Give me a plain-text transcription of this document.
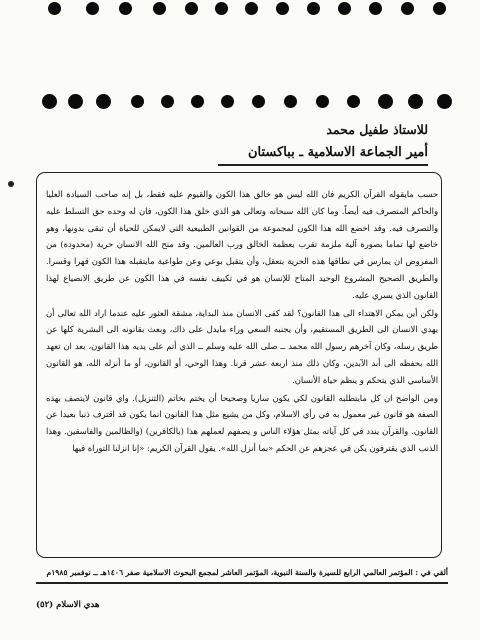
للاستاذ طفيل محمد
أمير الجماعة الاسلامية ـ بباكستان

حسب مايقوله القرآن الكريم فان الله ليس هو خالق هذا الكون والقيوم عليه فقط، بل إنه صاحب السيادة العليا والحاكم المتصرف فيه أيضاً. وما كان الله سبحانه وتعالى هو الذي خلق هذا الكون، فان له وحده حق التسلط عليه والتصرف فيه. وقد اخضع الله هذا الكون لمجموعة من القوانين الطبيعية التي لايمكن للحياة أن تبقى بدونها، وهو خاضع لها تماما بصورة آلية ملزمة تقرب بعظمة الخالق ورب العالمين. وقد منح الله الانسان حرية (محدودة) من المفروض ان يمارس في نطاقها هذه الحرية بتعقل، وأن يتقبل بوعي وعن طواعية مايتقبله هذا الكون قهرا وقسرا. والطريق الصحيح المشروع الوحيد المتاح للإنسان هو في تكييف نفسه في هذا الكون عن طريق الانصياع لهذا القانون الذي يسري عليه.

ولكن أين يمكن الاهتداء الى هذا القانون؟ لقد كفى الانسان منذ البداية، مشقة العثور عليه عندما اراد الله تعالى أن يهدي الانسان الى الطريق المستقيم، وأن يجنبه السعي وراء مايدل على ذاك، وبعث بقانونه الى البشرية كلها عن طريق رسله، وكان آخرهم رسول الله محمد ــ صلى الله عليه وسلم ــ الذي أتم على يديه هذا القانون، بعد ان تعهد الله بحفظه الى أبد الآبدين، وكان ذلك منذ اربعة عشر قرنا. وهذا الوحي، أو القانون، أو ما أنزله الله، هو القانون الأساسي الذي يتحكم و ينظم حياة الأنسان.

ومن الواضح ان كل مايتطلبه القانون لكي يكون ساريا وصحيحا أن يختم بخاتم (التنزيل). واي قانون لايتصف بهذه الصفة هو قانون غير معمول به في رأي الاسلام، وكل من يشيع مثل هذا القانون انما يكون قد اقترف ذنبا بعيدا عن القانون. والقرآن يندد في كل آياته بمثل هؤلاء الناس و يصفهم لعملهم هذا (بالكافرين) (والظالمين والفاسقين. وهذا الذنب الذي يقترفون يكن في عجزهم عن الحكم «بما أنزل الله». يقول القرآن الكريم: «إنا انزلنا التوراة فيها

ألقي في : المؤتمر العالمي الرابع للسيرة والسنة النبوية، المؤتمر العاشر لمجمع البحوث الاسلامية صفر ١٤٠٦هـ ــ نوفمبر ١٩٨٥م
هدي الاسلام (٥٢)
